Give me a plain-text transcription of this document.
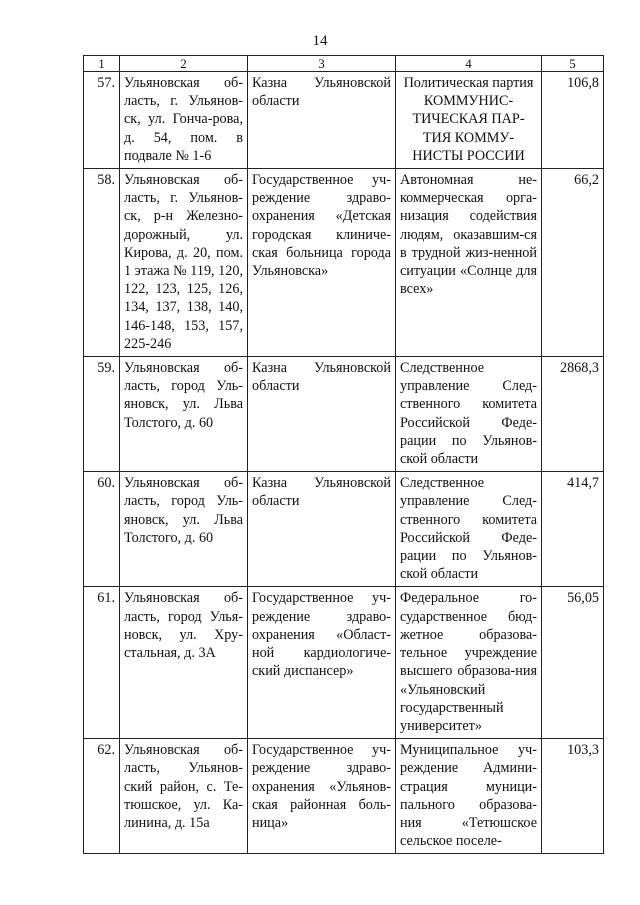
14
1	2	3	4	5
57.	Ульяновская об-ласть, г. Ульянов-ск, ул. Гонча-рова, д. 54, пом. в подвале № 1-6	Казна Ульяновской области	Политическая партия КОММУНИС-ТИЧЕСКАЯ ПАР-ТИЯ КОММУ-НИСТЫ РОССИИ	106,8
58.	Ульяновская об-ласть, г. Ульянов-ск, р-н Железно-дорожный, ул. Кирова, д. 20, пом. 1 этажа № 119, 120, 122, 123, 125, 126, 134, 137, 138, 140, 146-148, 153, 157, 225-246	Государственное уч-реждение здраво-охранения «Детская городская клиниче-ская больница города Ульяновска»	Автономная не-коммерческая орга-низация содействия людям, оказавшим-ся в трудной жиз-ненной ситуации «Солнце для всех»	66,2
59.	Ульяновская об-ласть, город Уль-яновск, ул. Льва Толстого, д. 60	Казна Ульяновской области	Следственное управление След-ственного комитета Российской Феде-рации по Ульянов-ской области	2868,3
60.	Ульяновская об-ласть, город Уль-яновск, ул. Льва Толстого, д. 60	Казна Ульяновской области	Следственное управление След-ственного комитета Российской Феде-рации по Ульянов-ской области	414,7
61.	Ульяновская об-ласть, город Улья-новск, ул. Хру-стальная, д. 3А	Государственное уч-реждение здраво-охранения «Област-ной кардиологиче-ский диспансер»	Федеральное го-сударственное бюд-жетное образова-тельное учреждение высшего образова-ния «Ульяновский государственный университет»	56,05
62.	Ульяновская об-ласть, Ульянов-ский район, с. Те-тюшское, ул. Ка-линина, д. 15а	Государственное уч-реждение здраво-охранения «Ульянов-ская районная боль-ница»	Муниципальное уч-реждение Админи-страция муници-пального образова-ния «Тетюшское сельское поселе-	103,3
